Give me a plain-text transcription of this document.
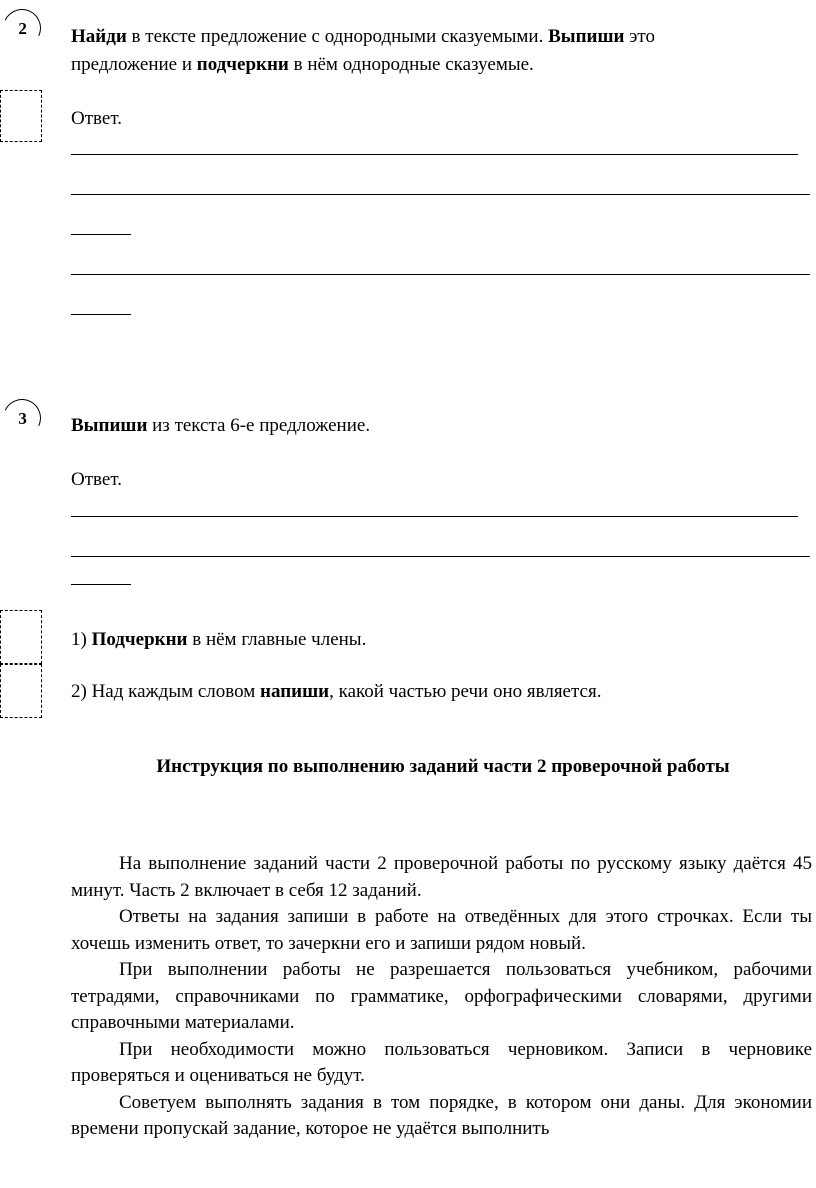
2	Найди в тексте предложение с однородными сказуемыми. Выпиши это
предложение и подчеркни в нём однородные сказуемые.
Ответ.
3	Выпиши из текста 6-е предложение.
Ответ.
1) Подчеркни в нём главные члены.
2) Над каждым словом напиши, какой частью речи оно является.
Инструкция по выполнению заданий части 2 проверочной работы

На выполнение заданий части 2 проверочной работы по русскому языку даётся 45 минут. Часть 2 включает в себя 12 заданий.

Ответы на задания запиши в работе на отведённых для этого строчках. Если ты хочешь изменить ответ, то зачеркни его и запиши рядом новый.

При выполнении работы не разрешается пользоваться учебником, рабочими тетрадями, справочниками по грамматике, орфографическими словарями, другими справочными материалами.

При необходимости можно пользоваться черновиком. Записи в черновике проверяться и оцениваться не будут.

Советуем выполнять задания в том порядке, в котором они даны. Для экономии времени пропускай задание, которое не удаётся выполнить
